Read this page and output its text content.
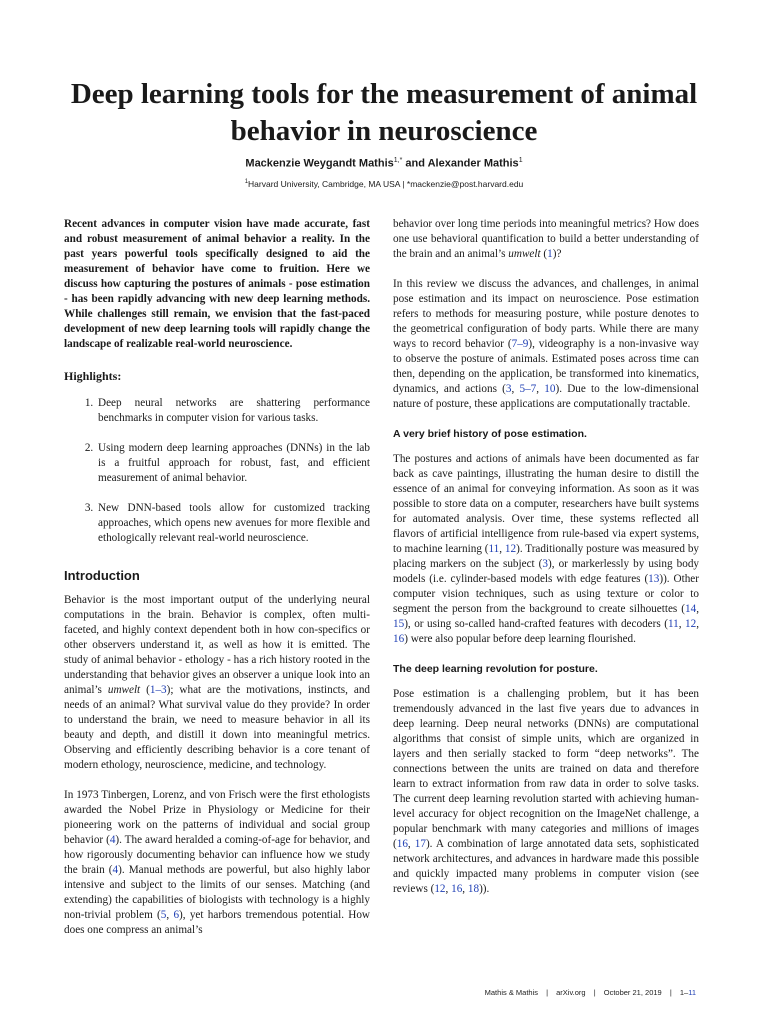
Deep learning tools for the measurement of animal behavior in neuroscience
Mackenzie Weygandt Mathis$^{1,*}$ and Alexander Mathis$^1$
$^1$Harvard University, Cambridge, MA USA | *mackenzie@post.harvard.edu

Recent advances in computer vision have made accurate, fast and robust measurement of animal behavior a reality. In the past years powerful tools specifically designed to aid the measurement of behavior have come to fruition. Here we discuss how capturing the postures of animals - pose estimation - has been rapidly advancing with new deep learning methods. While challenges still remain, we envision that the fast-paced development of new deep learning tools will rapidly change the landscape of realizable real-world neuroscience.

Highlights:
1. Deep neural networks are shattering performance benchmarks in computer vision for various tasks.
2. Using modern deep learning approaches (DNNs) in the lab is a fruitful approach for robust, fast, and efficient measurement of animal behavior.
3. New DNN-based tools allow for customized tracking approaches, which opens new avenues for more flexible and ethologically relevant real-world neuroscience.
Introduction

Behavior is the most important output of the underlying neural computations in the brain. Behavior is complex, often multi-faceted, and highly context dependent both in how con-specifics or other observers understand it, as well as how it is emitted. The study of animal behavior - ethology - has a rich history rooted in the understanding that behavior gives an observer a unique look into an animal’s umwelt (1–3); what are the motivations, instincts, and needs of an animal? What survival value do they provide? In order to understand the brain, we need to measure behavior in all its beauty and depth, and distill it down into meaningful metrics. Observing and efficiently describing behavior is a core tenant of modern ethology, neuroscience, medicine, and technology.

In 1973 Tinbergen, Lorenz, and von Frisch were the first ethologists awarded the Nobel Prize in Physiology or Medicine for their pioneering work on the patterns of individual and social group behavior (4). The award heralded a coming-of-age for behavior, and how rigorously documenting behavior can influence how we study the brain (4). Manual methods are powerful, but also highly labor intensive and subject to the limits of our senses. Matching (and extending) the capabilities of biologists with technology is a highly non-trivial problem (5, 6), yet harbors tremendous potential. How does one compress an animal’s

behavior over long time periods into meaningful metrics? How does one use behavioral quantification to build a better understanding of the brain and an animal’s umwelt (1)?

In this review we discuss the advances, and challenges, in animal pose estimation and its impact on neuroscience. Pose estimation refers to methods for measuring posture, while posture denotes to the geometrical configuration of body parts. While there are many ways to record behavior (7–9), videography is a non-invasive way to observe the posture of animals. Estimated poses across time can then, depending on the application, be transformed into kinematics, dynamics, and actions (3, 5–7, 10). Due to the low-dimensional nature of posture, these applications are computationally tractable.

A very brief history of pose estimation.

The postures and actions of animals have been documented as far back as cave paintings, illustrating the human desire to distill the essence of an animal for conveying information. As soon as it was possible to store data on a computer, researchers have built systems for automated analysis. Over time, these systems reflected all flavors of artificial intelligence from rule-based via expert systems, to machine learning (11, 12). Traditionally posture was measured by placing markers on the subject (3), or markerlessly by using body models (i.e. cylinder-based models with edge features (13)). Other computer vision techniques, such as using texture or color to segment the person from the background to create silhouettes (14, 15), or using so-called hand-crafted features with decoders (11, 12, 16) were also popular before deep learning flourished.

The deep learning revolution for posture.

Pose estimation is a challenging problem, but it has been tremendously advanced in the last five years due to advances in deep learning. Deep neural networks (DNNs) are computational algorithms that consist of simple units, which are organized in layers and then serially stacked to form “deep networks”. The connections between the units are trained on data and therefore learn to extract information from raw data in order to solve tasks. The current deep learning revolution started with achieving human-level accuracy for object recognition on the ImageNet challenge, a popular benchmark with many categories and millions of images (16, 17). A combination of large annotated data sets, sophisticated network architectures, and advances in hardware made this possible and quickly impacted many problems in computer vision (see reviews (12, 16, 18)).

Mathis & Mathis | arXiv.org | October 21, 2019 | 1–11
